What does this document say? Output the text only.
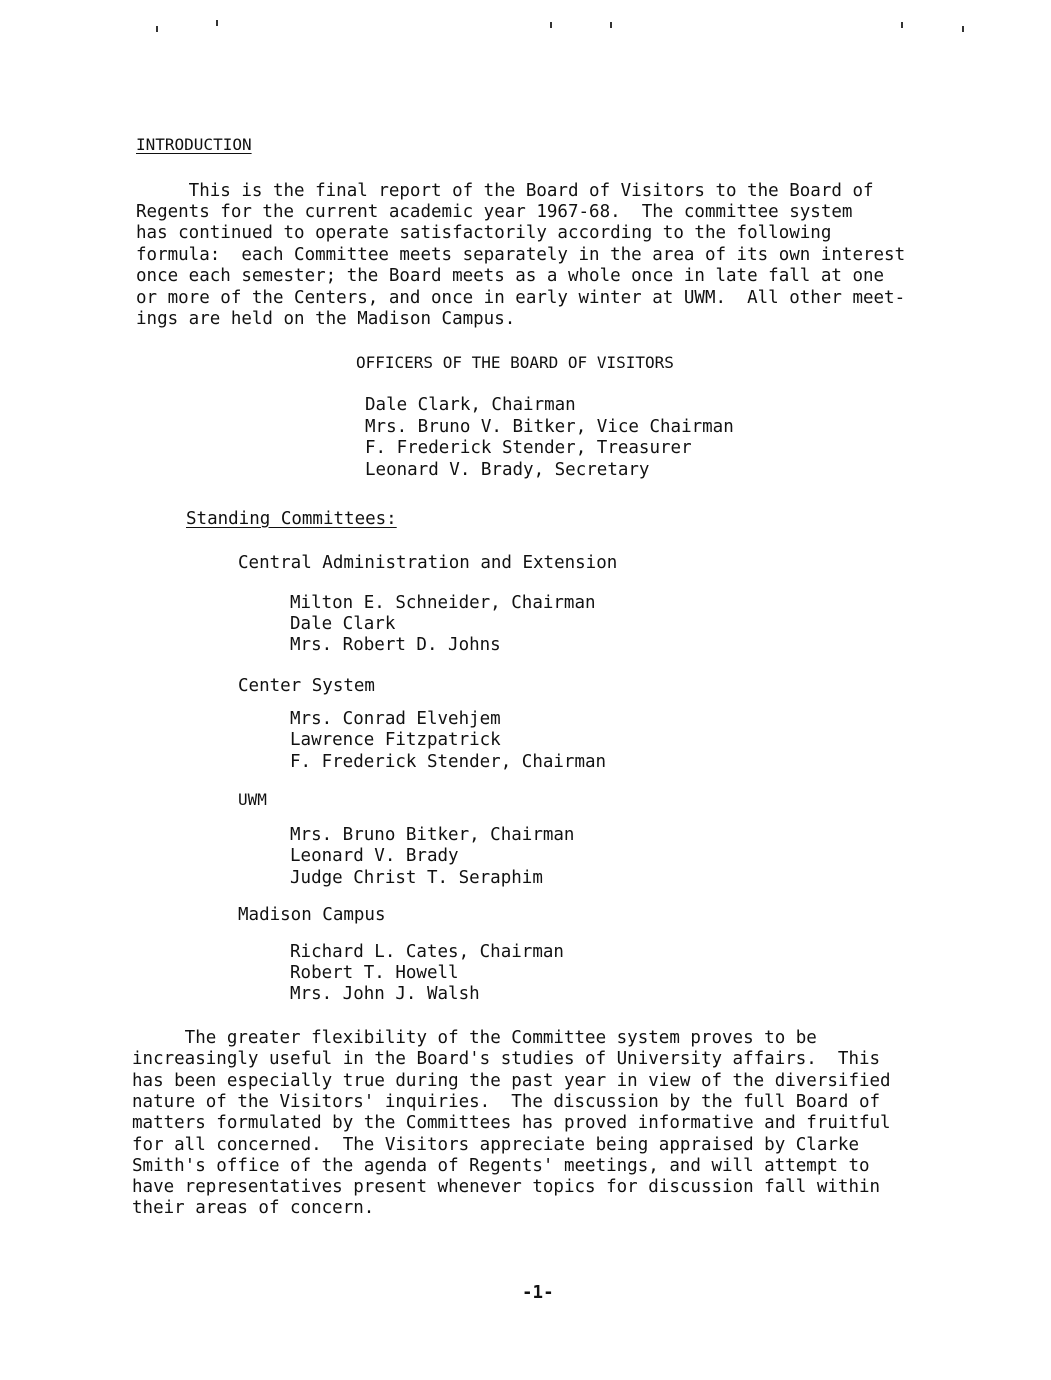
INTRODUCTION
This is the final report of the Board of Visitors to the Board of
Regents for the current academic year 1967-68.  The committee system
has continued to operate satisfactorily according to the following
formula:  each Committee meets separately in the area of its own interest
once each semester; the Board meets as a whole once in late fall at one
or more of the Centers, and once in early winter at UWM.  All other meet-
ings are held on the Madison Campus.
OFFICERS OF THE BOARD OF VISITORS
Dale Clark, Chairman
Mrs. Bruno V. Bitker, Vice Chairman
F. Frederick Stender, Treasurer
Leonard V. Brady, Secretary
Standing Committees:
Central Administration and Extension
Milton E. Schneider, Chairman
Dale Clark
Mrs. Robert D. Johns
Center System
Mrs. Conrad Elvehjem
Lawrence Fitzpatrick
F. Frederick Stender, Chairman
UWM
Mrs. Bruno Bitker, Chairman
Leonard V. Brady
Judge Christ T. Seraphim
Madison Campus
Richard L. Cates, Chairman
Robert T. Howell
Mrs. John J. Walsh
The greater flexibility of the Committee system proves to be
increasingly useful in the Board's studies of University affairs.  This
has been especially true during the past year in view of the diversified
nature of the Visitors' inquiries.  The discussion by the full Board of
matters formulated by the Committees has proved informative and fruitful
for all concerned.  The Visitors appreciate being appraised by Clarke
Smith's office of the agenda of Regents' meetings, and will attempt to
have representatives present whenever topics for discussion fall within
their areas of concern.
-1-
